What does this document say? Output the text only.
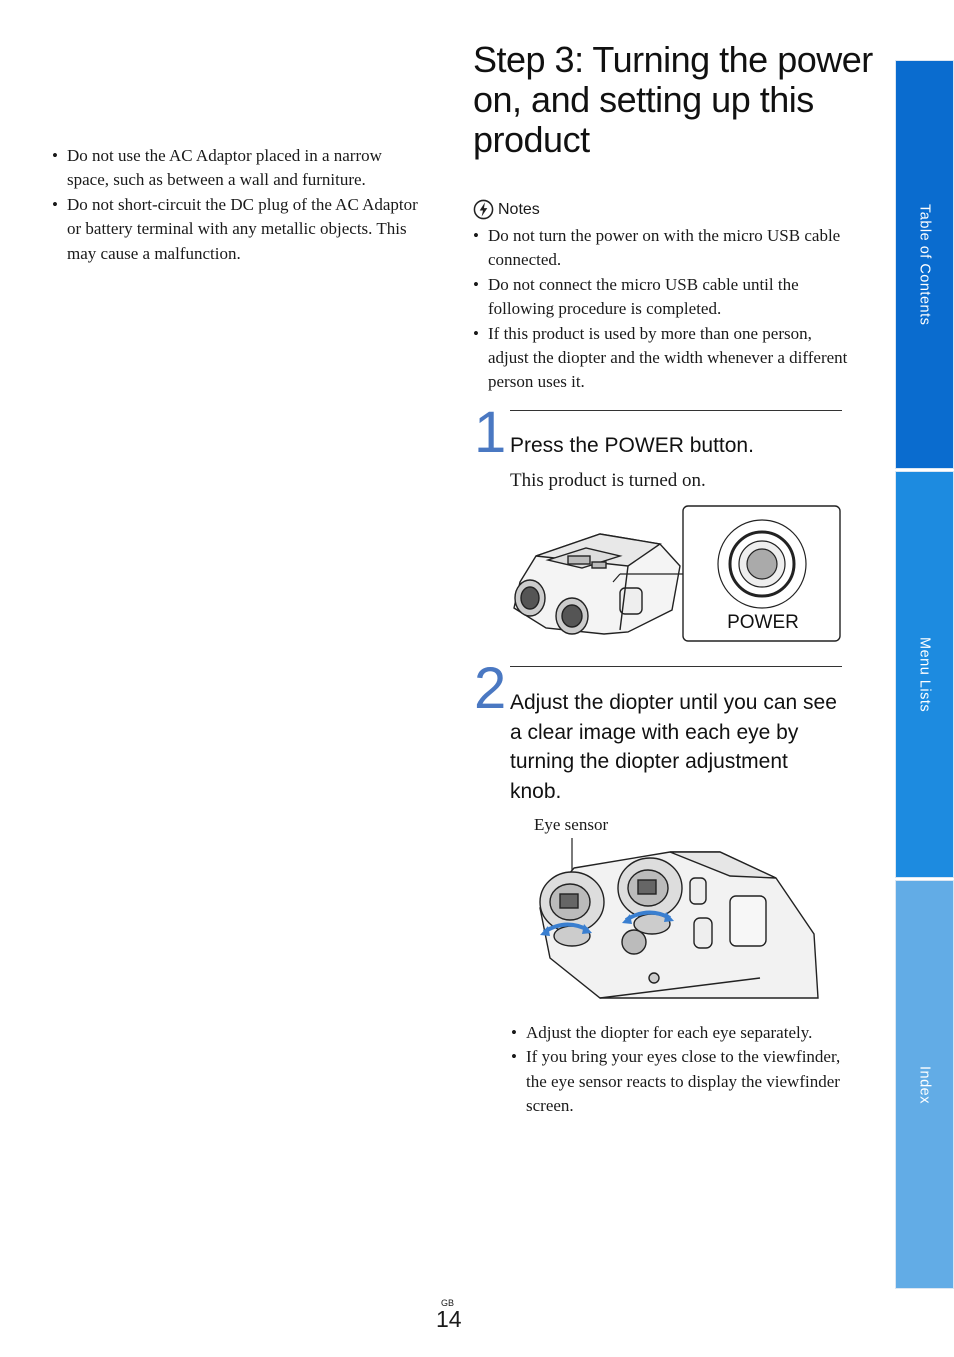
• Do not use the AC Adaptor placed in a narrow space, such as between a wall and furniture.
• Do not short-circuit the DC plug of the AC Adaptor or battery terminal with any metallic objects. This may cause a malfunction.
Step 3: Turning the power on, and setting up this product
Notes
• Do not turn the power on with the micro USB cable connected.
• Do not connect the micro USB cable until the following procedure is completed.
• If this product is used by more than one person, adjust the diopter and the width whenever a different person uses it.
1 Press the POWER button.
This product is turned on.
POWER
2 Adjust the diopter until you can see a clear image with each eye by turning the diopter adjustment knob.
Eye sensor
• Adjust the diopter for each eye separately.
• If you bring your eyes close to the viewfinder, the eye sensor reacts to display the viewfinder screen.
Table of Contents
Menu Lists
Index
GB
14
